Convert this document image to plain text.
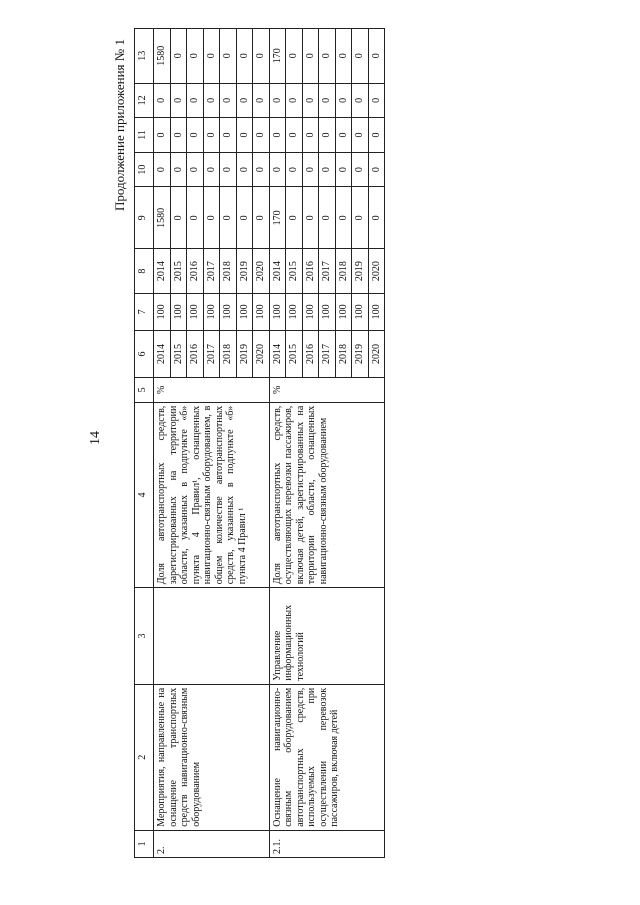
14
Продолжение приложения № 1
1	2	3	4	5	6	7	8	9	10	11	12	13
2.	Мероприятия, направленные на оснащение транспортных средств навигационно-связным оборудованием		Доля автотранспортных средств, зарегистрированных на территории области, указанных в подпункте «б» пункта 4 Правил¹, оснащенных навигационно-связным оборудованием, в общем количестве автотранспортных средств, указанных в подпункте «б» пункта 4 Правил ¹	%	2014	100	2014	1580	0	0	0	1580
					2015	100	2015	0	0	0	0	0
					2016	100	2016	0	0	0	0	0
					2017	100	2017	0	0	0	0	0
					2018	100	2018	0	0	0	0	0
					2019	100	2019	0	0	0	0	0
					2020	100	2020	0	0	0	0	0
2.1.	Оснащение навигационно-связным оборудованием автотранспортных средств, используемых при осуществлении перевозок пассажиров, включая детей	Управление информационных технологий	Доля автотранспортных средств, осуществляющих перевозки пассажиров, включая детей, зарегистрированных на территории области, оснащенных навигационно-связным оборудованием	%	2014	100	2014	170	0	0	0	170
					2015	100	2015	0	0	0	0	0
					2016	100	2016	0	0	0	0	0
					2017	100	2017	0	0	0	0	0
					2018	100	2018	0	0	0	0	0
					2019	100	2019	0	0	0	0	0
					2020	100	2020	0	0	0	0	0
